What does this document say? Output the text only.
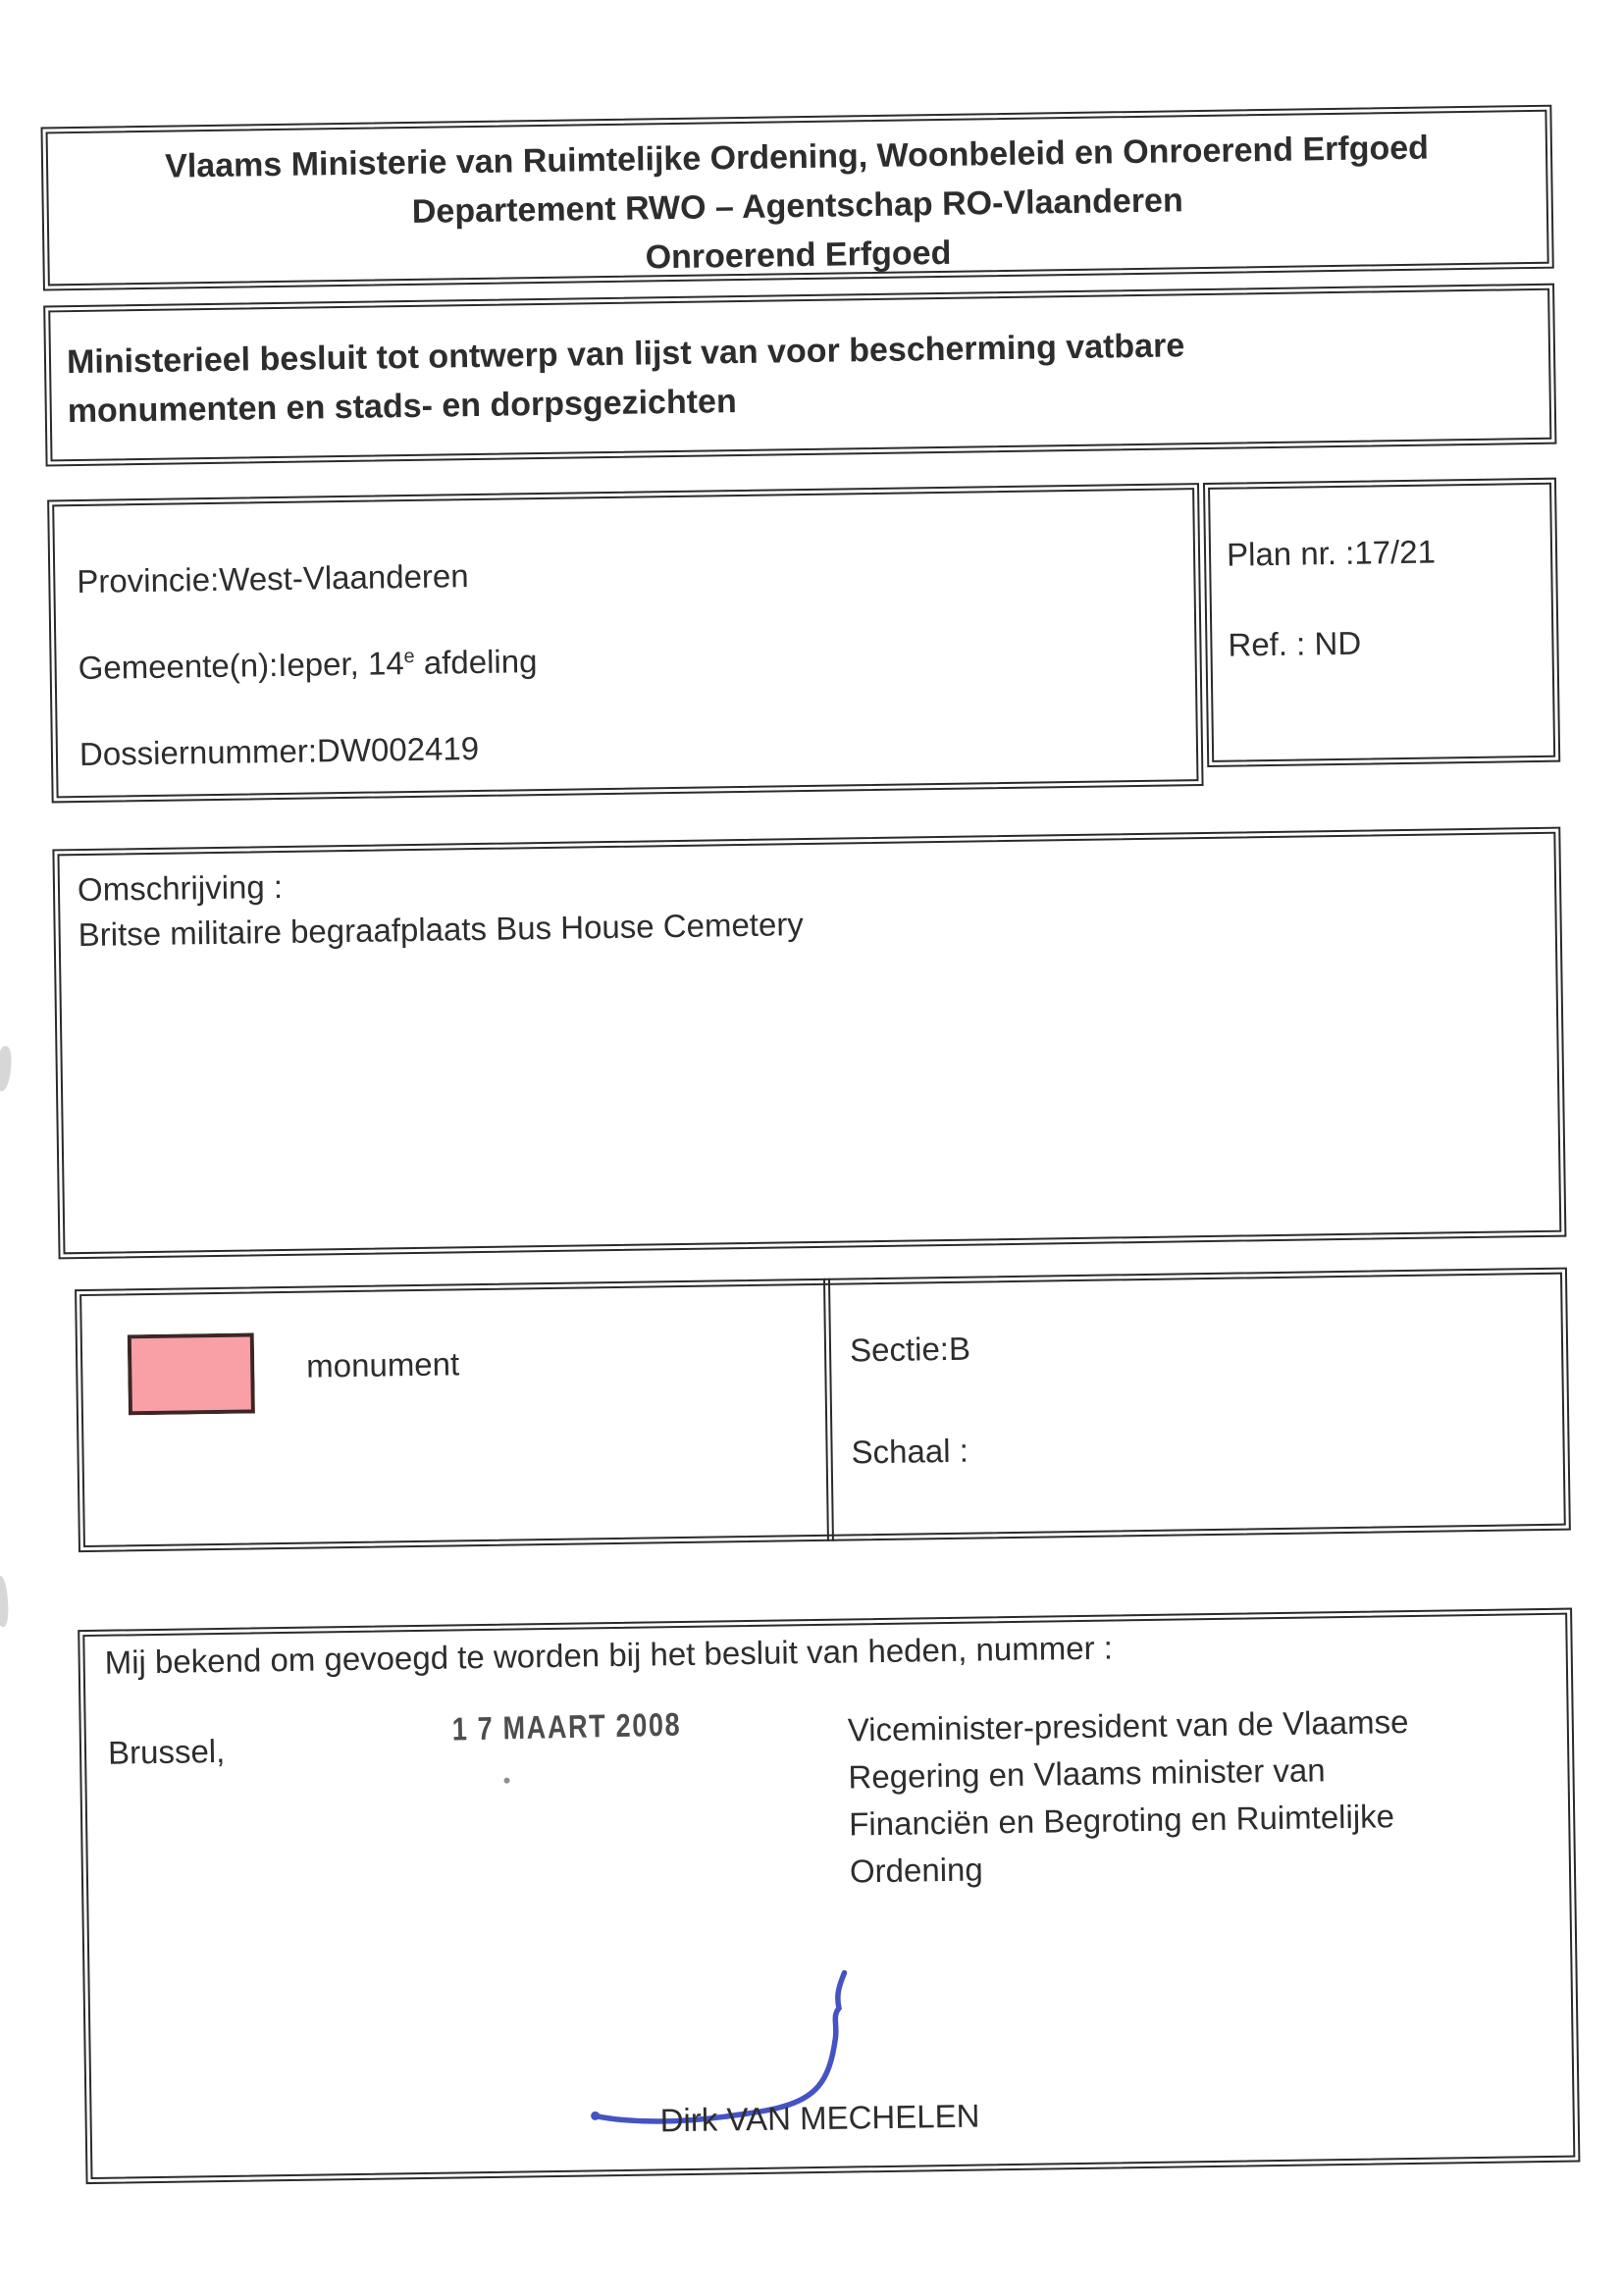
Vlaams Ministerie van Ruimtelijke Ordening, Woonbeleid en Onroerend Erfgoed
Departement RWO – Agentschap RO-Vlaanderen
Onroerend Erfgoed
Ministerieel besluit tot ontwerp van lijst van voor bescherming vatbare
monumenten en stads- en dorpsgezichten
Provincie:West-Vlaanderen
Gemeente(n):Ieper, 14e afdeling
Dossiernummer:DW002419
Plan nr. :17/21
Ref. : ND
Omschrijving :
Britse militaire begraafplaats Bus House Cemetery
monument	Sectie:B
Schaal :
Mij bekend om gevoegd te worden bij het besluit van heden, nummer :
Brussel,
1 7 MAART 2008	Viceminister-president van de Vlaamse
Regering en Vlaams minister van
Financiën en Begroting en Ruimtelijke
Ordening
Dirk VAN MECHELEN
